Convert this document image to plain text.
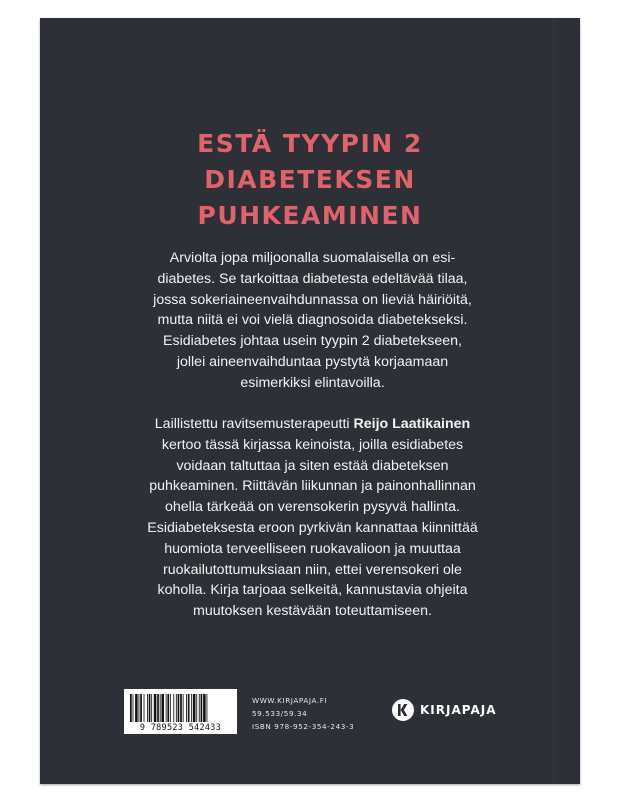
ESTÄ TYYPIN 2
DIABETEKSEN
PUHKEAMINEN
Arviolta jopa miljoonalla suomalaisella on esi-
diabetes. Se tarkoittaa diabetesta edeltävää tilaa,
jossa sokeriaineenvaihdunnassa on lieviä häiriöitä,
mutta niitä ei voi vielä diagnosoida diabetekseksi.
Esidiabetes johtaa usein tyypin 2 diabetekseen,
jollei aineenvaihduntaa pystytä korjaamaan
esimerkiksi elintavoilla.
Laillistettu ravitsemusterapeutti Reijo Laatikainen
kertoo tässä kirjassa keinoista, joilla esidiabetes
voidaan taltuttaa ja siten estää diabeteksen
puhkeaminen. Riittävän liikunnan ja painonhallinnan
ohella tärkeää on verensokerin pysyvä hallinta.
Esidiabeteksesta eroon pyrkivän kannattaa kiinnittää
huomiota terveelliseen ruokavalioon ja muuttaa
ruokailutottumuksiaan niin, ettei verensokeri ole
koholla. Kirja tarjoaa selkeitä, kannustavia ohjeita
muutoksen kestävään toteuttamiseen.
9 789523 542433
WWW.KIRJAPAJA.FI
59.533/59.34
ISBN 978-952-354-243-3
KIRJAPAJA
